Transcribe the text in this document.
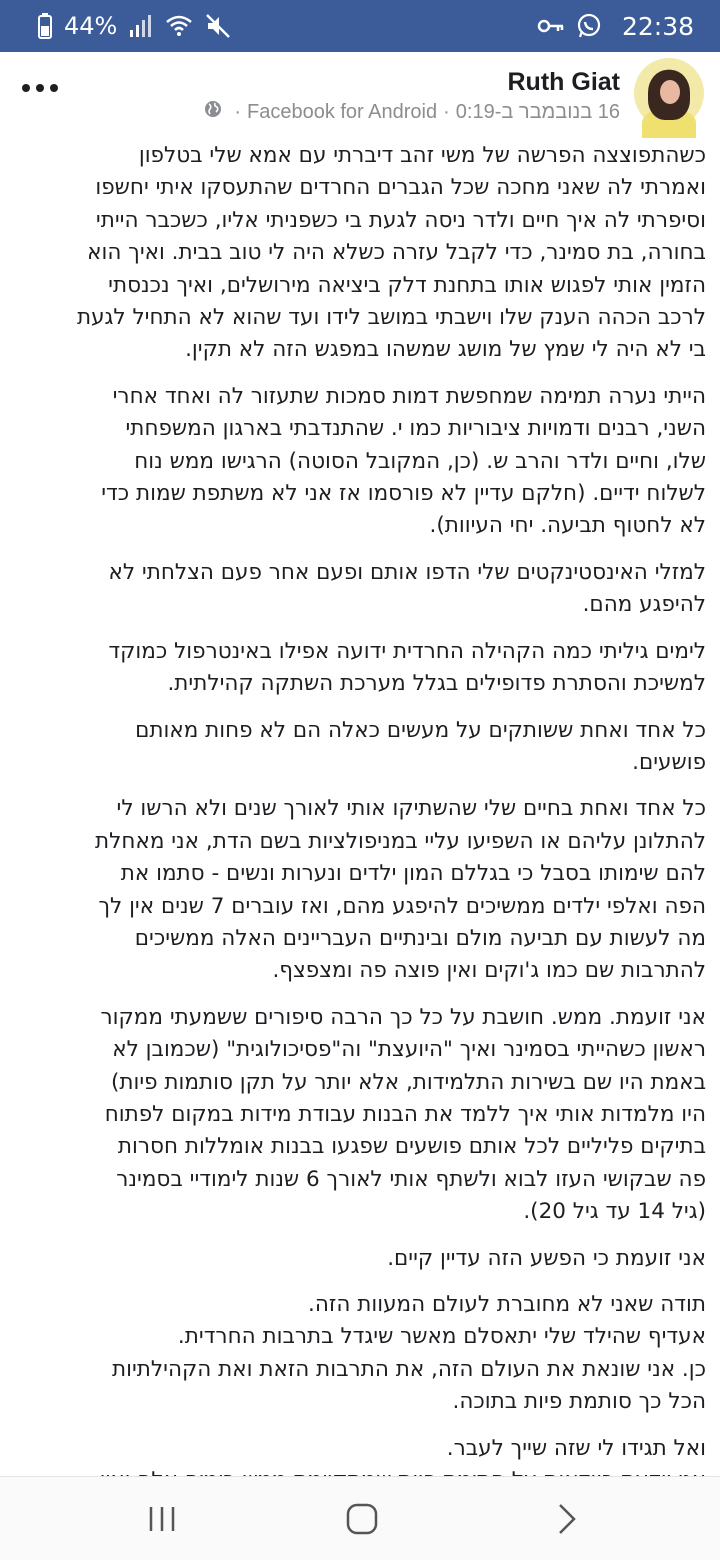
44%	22:38
Ruth Giat
16 בנובמבר ב-0:19
·
Facebook for Android
·
כשהתפוצצה הפרשה של משי זהב דיברתי עם אמא שלי בטלפון
ואמרתי לה שאני מחכה שכל הגברים החרדים שהתעסקו איתי יחשפו
וסיפרתי לה איך חיים ולדר ניסה לגעת בי כשפניתי אליו, כשכבר הייתי
בחורה, בת סמינר, כדי לקבל עזרה כשלא היה לי טוב בבית. ואיך הוא
הזמין אותי לפגוש אותו בתחנת דלק ביציאה מירושלים, ואיך נכנסתי
לרכב הכהה הענק שלו וישבתי במושב לידו ועד שהוא לא התחיל לגעת
בי לא היה לי שמץ של מושג שמשהו במפגש הזה לא תקין.
הייתי נערה תמימה שמחפשת דמות סמכות שתעזור לה ואחד אחרי
השני, רבנים ודמויות ציבוריות כמו י. שהתנדבתי בארגון המשפחתי
שלו, וחיים ולדר והרב ש. (כן, המקובל הסוטה) הרגישו ממש נוח
לשלוח ידיים. (חלקם עדיין לא פורסמו אז אני לא משתפת שמות כדי
לא לחטוף תביעה. יחי העיוות).
למזלי האינסטינקטים שלי הדפו אותם ופעם אחר פעם הצלחתי לא
להיפגע מהם.
לימים גיליתי כמה הקהילה החרדית ידועה אפילו באינטרפול כמוקד
למשיכת והסתרת פדופילים בגלל מערכת השתקה קהילתית.
כל אחד ואחת ששותקים על מעשים כאלה הם לא פחות מאותם
פושעים.
כל אחד ואחת בחיים שלי שהשתיקו אותי לאורך שנים ולא הרשו לי
להתלונן עליהם או השפיעו עליי במניפולציות בשם הדת, אני מאחלת
להם שימותו בסבל כי בגללם המון ילדים ונערות ונשים - סתמו את
הפה ואלפי ילדים ממשיכים להיפגע מהם, ואז עוברים 7 שנים אין לך
מה לעשות עם תביעה מולם ובינתיים העבריינים האלה ממשיכים
להתרבות שם כמו ג'וקים ואין פוצה פה ומצפצף.
אני זועמת. ממש. חושבת על כל כך הרבה סיפורים ששמעתי ממקור
ראשון כשהייתי בסמינר ואיך "היועצת" וה"פסיכולוגית" (שכמובן לא
באמת היו שם בשירות התלמידות, אלא יותר על תקן סותמות פיות)
היו מלמדות אותי איך ללמד את הבנות עבודת מידות במקום לפתוח
בתיקים פליליים לכל אותם פושעים שפגעו בבנות אומללות חסרות
פה שבקושי העזו לבוא ולשתף אותי לאורך 6 שנות לימודיי בסמינר
(גיל 14 עד גיל 20).
אני זועמת כי הפשע הזה עדיין קיים.
תודה שאני לא מחוברת לעולם המעוות הזה.
אעדיף שהילד שלי יתאסלם מאשר שיגדל בתרבות החרדית.
כן. אני שונאת את העולם הזה, את התרבות הזאת ואת הקהילתיות
הכל כך סותמת פיות בתוכה.
ואל תגידו לי שזה שייך לעבר.
